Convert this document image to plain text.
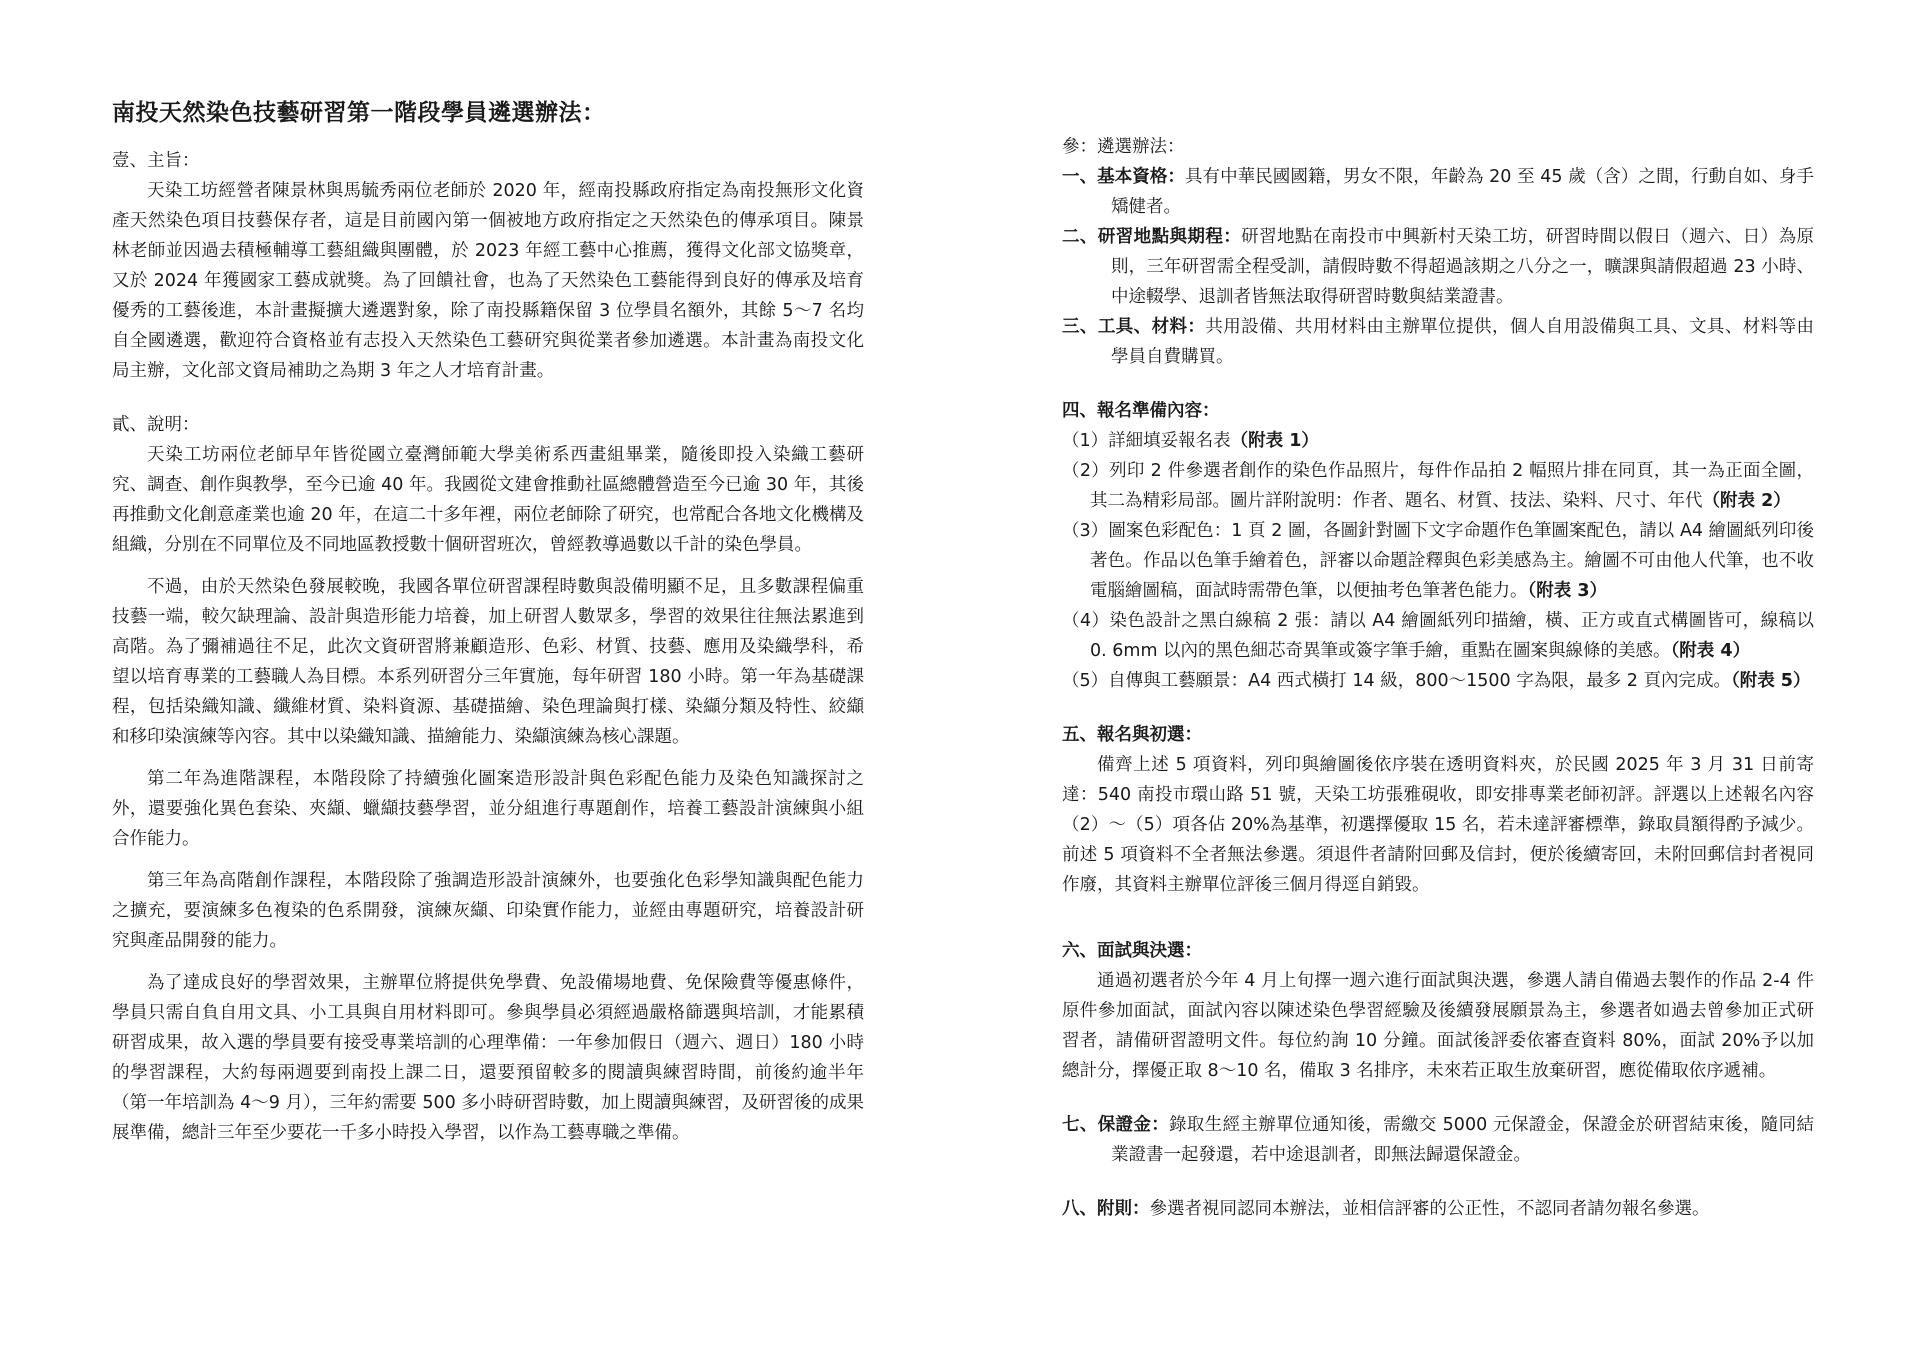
南投天然染色技藝研習第一階段學員遴選辦法：

壹、主旨：

天染工坊經營者陳景林與馬毓秀兩位老師於 2020 年，經南投縣政府指定為南投無形文化資產天然染色項目技藝保存者，這是目前國內第一個被地方政府指定之天然染色的傳承項目。陳景林老師並因過去積極輔導工藝組織與團體，於 2023 年經工藝中心推薦，獲得文化部文協獎章，又於 2024 年獲國家工藝成就獎。為了回饋社會，也為了天然染色工藝能得到良好的傳承及培育優秀的工藝後進，本計畫擬擴大遴選對象，除了南投縣籍保留 3 位學員名額外，其餘 5～7 名均自全國遴選，歡迎符合資格並有志投入天然染色工藝研究與從業者參加遴選。本計畫為南投文化局主辦，文化部文資局補助之為期 3 年之人才培育計畫。

貳、說明：

天染工坊兩位老師早年皆從國立臺灣師範大學美術系西畫組畢業，隨後即投入染織工藝研究、調查、創作與教學，至今已逾 40 年。我國從文建會推動社區總體營造至今已逾 30 年，其後再推動文化創意產業也逾 20 年，在這二十多年裡，兩位老師除了研究，也常配合各地文化機構及組織，分別在不同單位及不同地區教授數十個研習班次，曾經教導過數以千計的染色學員。

不過，由於天然染色發展較晚，我國各單位研習課程時數與設備明顯不足，且多數課程偏重技藝一端，較欠缺理論、設計與造形能力培養，加上研習人數眾多，學習的效果往往無法累進到高階。為了彌補過往不足，此次文資研習將兼顧造形、色彩、材質、技藝、應用及染織學科，希望以培育專業的工藝職人為目標。本系列研習分三年實施，每年研習 180 小時。第一年為基礎課程，包括染織知識、纖維材質、染料資源、基礎描繪、染色理論與打樣、染纈分類及特性、絞纈和移印染演練等內容。其中以染織知識、描繪能力、染纈演練為核心課題。

第二年為進階課程，本階段除了持續強化圖案造形設計與色彩配色能力及染色知識探討之外，還要強化異色套染、夾纈、蠟纈技藝學習，並分組進行專題創作，培養工藝設計演練與小組合作能力。

第三年為高階創作課程，本階段除了強調造形設計演練外，也要強化色彩學知識與配色能力之擴充，要演練多色複染的色系開發，演練灰纈、印染實作能力，並經由專題研究，培養設計研究與產品開發的能力。

為了達成良好的學習效果，主辦單位將提供免學費、免設備場地費、免保險費等優惠條件，學員只需自負自用文具、小工具與自用材料即可。參與學員必須經過嚴格篩選與培訓，才能累積研習成果，故入選的學員要有接受專業培訓的心理準備：一年參加假日（週六、週日）180 小時的學習課程，大約每兩週要到南投上課二日，還要預留較多的閱讀與練習時間，前後約逾半年（第一年培訓為 4～9 月），三年約需要 500 多小時研習時數，加上閱讀與練習，及研習後的成果展準備，總計三年至少要花一千多小時投入學習，以作為工藝專職之準備。

參：遴選辦法：

一、基本資格：具有中華民國國籍，男女不限，年齡為 20 至 45 歲（含）之間，行動自如、身手矯健者。

二、研習地點與期程：研習地點在南投市中興新村天染工坊，研習時間以假日（週六、日）為原則，三年研習需全程受訓，請假時數不得超過該期之八分之一，曠課與請假超過 23 小時、中途輟學、退訓者皆無法取得研習時數與結業證書。

三、工具、材料：共用設備、共用材料由主辦單位提供，個人自用設備與工具、文具、材料等由學員自費購買。

四、報名準備內容：

（1）詳細填妥報名表（附表 1）

（2）列印 2 件參選者創作的染色作品照片，每件作品拍 2 幅照片排在同頁，其一為正面全圖，其二為精彩局部。圖片詳附說明：作者、題名、材質、技法、染料、尺寸、年代（附表 2）

（3）圖案色彩配色：1 頁 2 圖，各圖針對圖下文字命題作色筆圖案配色，請以 A4 繪圖紙列印後著色。作品以色筆手繪着色，評審以命題詮釋與色彩美感為主。繪圖不可由他人代筆，也不收電腦繪圖稿，面試時需帶色筆，以便抽考色筆著色能力。（附表 3）

（4）染色設計之黑白線稿 2 張：請以 A4 繪圖紙列印描繪，橫、正方或直式構圖皆可，線稿以 0. 6mm 以內的黑色細芯奇異筆或簽字筆手繪，重點在圖案與線條的美感。（附表 4）

（5）自傳與工藝願景：A4 西式橫打 14 級，800～1500 字為限，最多 2 頁內完成。（附表 5）

五、報名與初選：

備齊上述 5 項資料，列印與繪圖後依序裝在透明資料夾，於民國 2025 年 3 月 31 日前寄達：540 南投市環山路 51 號，天染工坊張雅硯收，即安排專業老師初評。評選以上述報名內容（2）～（5）項各佔 20%為基準，初選擇優取 15 名，若未達評審標準，錄取員額得酌予減少。前述 5 項資料不全者無法參選。須退件者請附回郵及信封，便於後續寄回，未附回郵信封者視同作廢，其資料主辦單位評後三個月得逕自銷毀。

六、面試與決選：

通過初選者於今年 4 月上旬擇一週六進行面試與決選，參選人請自備過去製作的作品 2-4 件原件參加面試，面試內容以陳述染色學習經驗及後續發展願景為主，參選者如過去曾參加正式研習者，請備研習證明文件。每位約詢 10 分鐘。面試後評委依審查資料 80%，面試 20%予以加總計分，擇優正取 8～10 名，備取 3 名排序，未來若正取生放棄研習，應從備取依序遞補。

七、保證金：錄取生經主辦單位通知後，需繳交 5000 元保證金，保證金於研習結束後，隨同結業證書一起發還，若中途退訓者，即無法歸還保證金。

八、附則：參選者視同認同本辦法，並相信評審的公正性，不認同者請勿報名參選。
